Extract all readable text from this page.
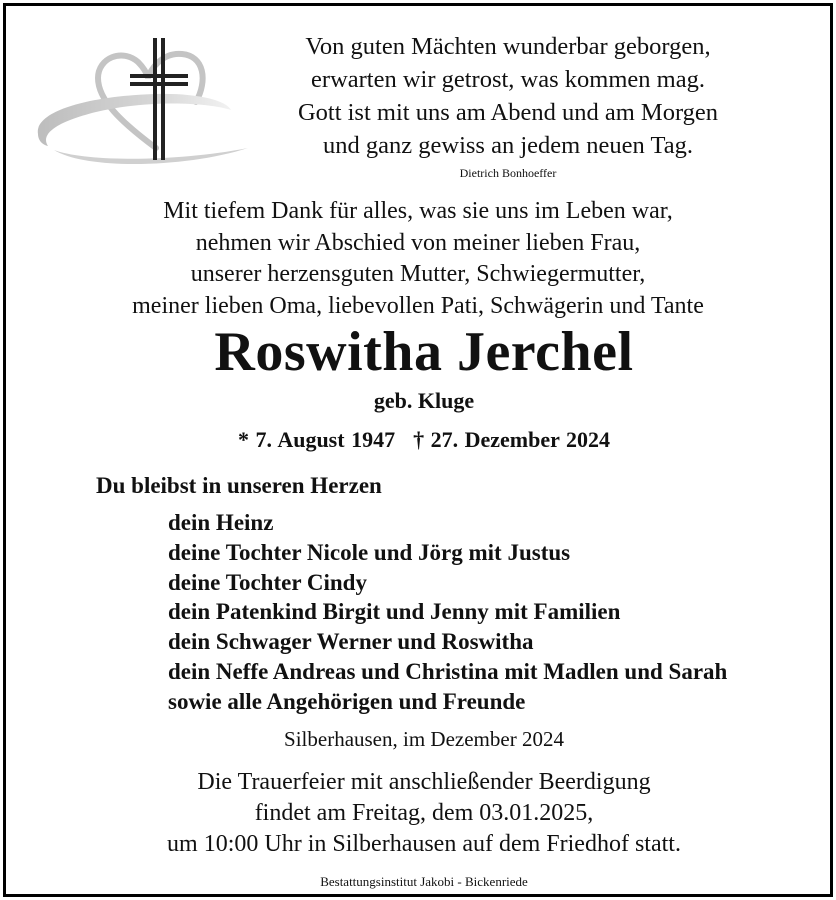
Von guten Mächten wunderbar geborgen,
erwarten wir getrost, was kommen mag.
Gott ist mit uns am Abend und am Morgen
und ganz gewiss an jedem neuen Tag.
Dietrich Bonhoeffer
Mit tiefem Dank für alles, was sie uns im Leben war,
nehmen wir Abschied von meiner lieben Frau,
unserer herzensguten Mutter, Schwiegermutter,
meiner lieben Oma, liebevollen Pati, Schwägerin und Tante
Roswitha Jerchel
geb. Kluge
* 7. August 1947 † 27. Dezember 2024
Du bleibst in unseren Herzen
dein Heinz
deine Tochter Nicole und Jörg mit Justus
deine Tochter Cindy
dein Patenkind Birgit und Jenny mit Familien
dein Schwager Werner und Roswitha
dein Neffe Andreas und Christina mit Madlen und Sarah
sowie alle Angehörigen und Freunde
Silberhausen, im Dezember 2024
Die Trauerfeier mit anschließender Beerdigung
findet am Freitag, dem 03.01.2025,
um 10:00 Uhr in Silberhausen auf dem Friedhof statt.
Bestattungsinstitut Jakobi - Bickenriede
